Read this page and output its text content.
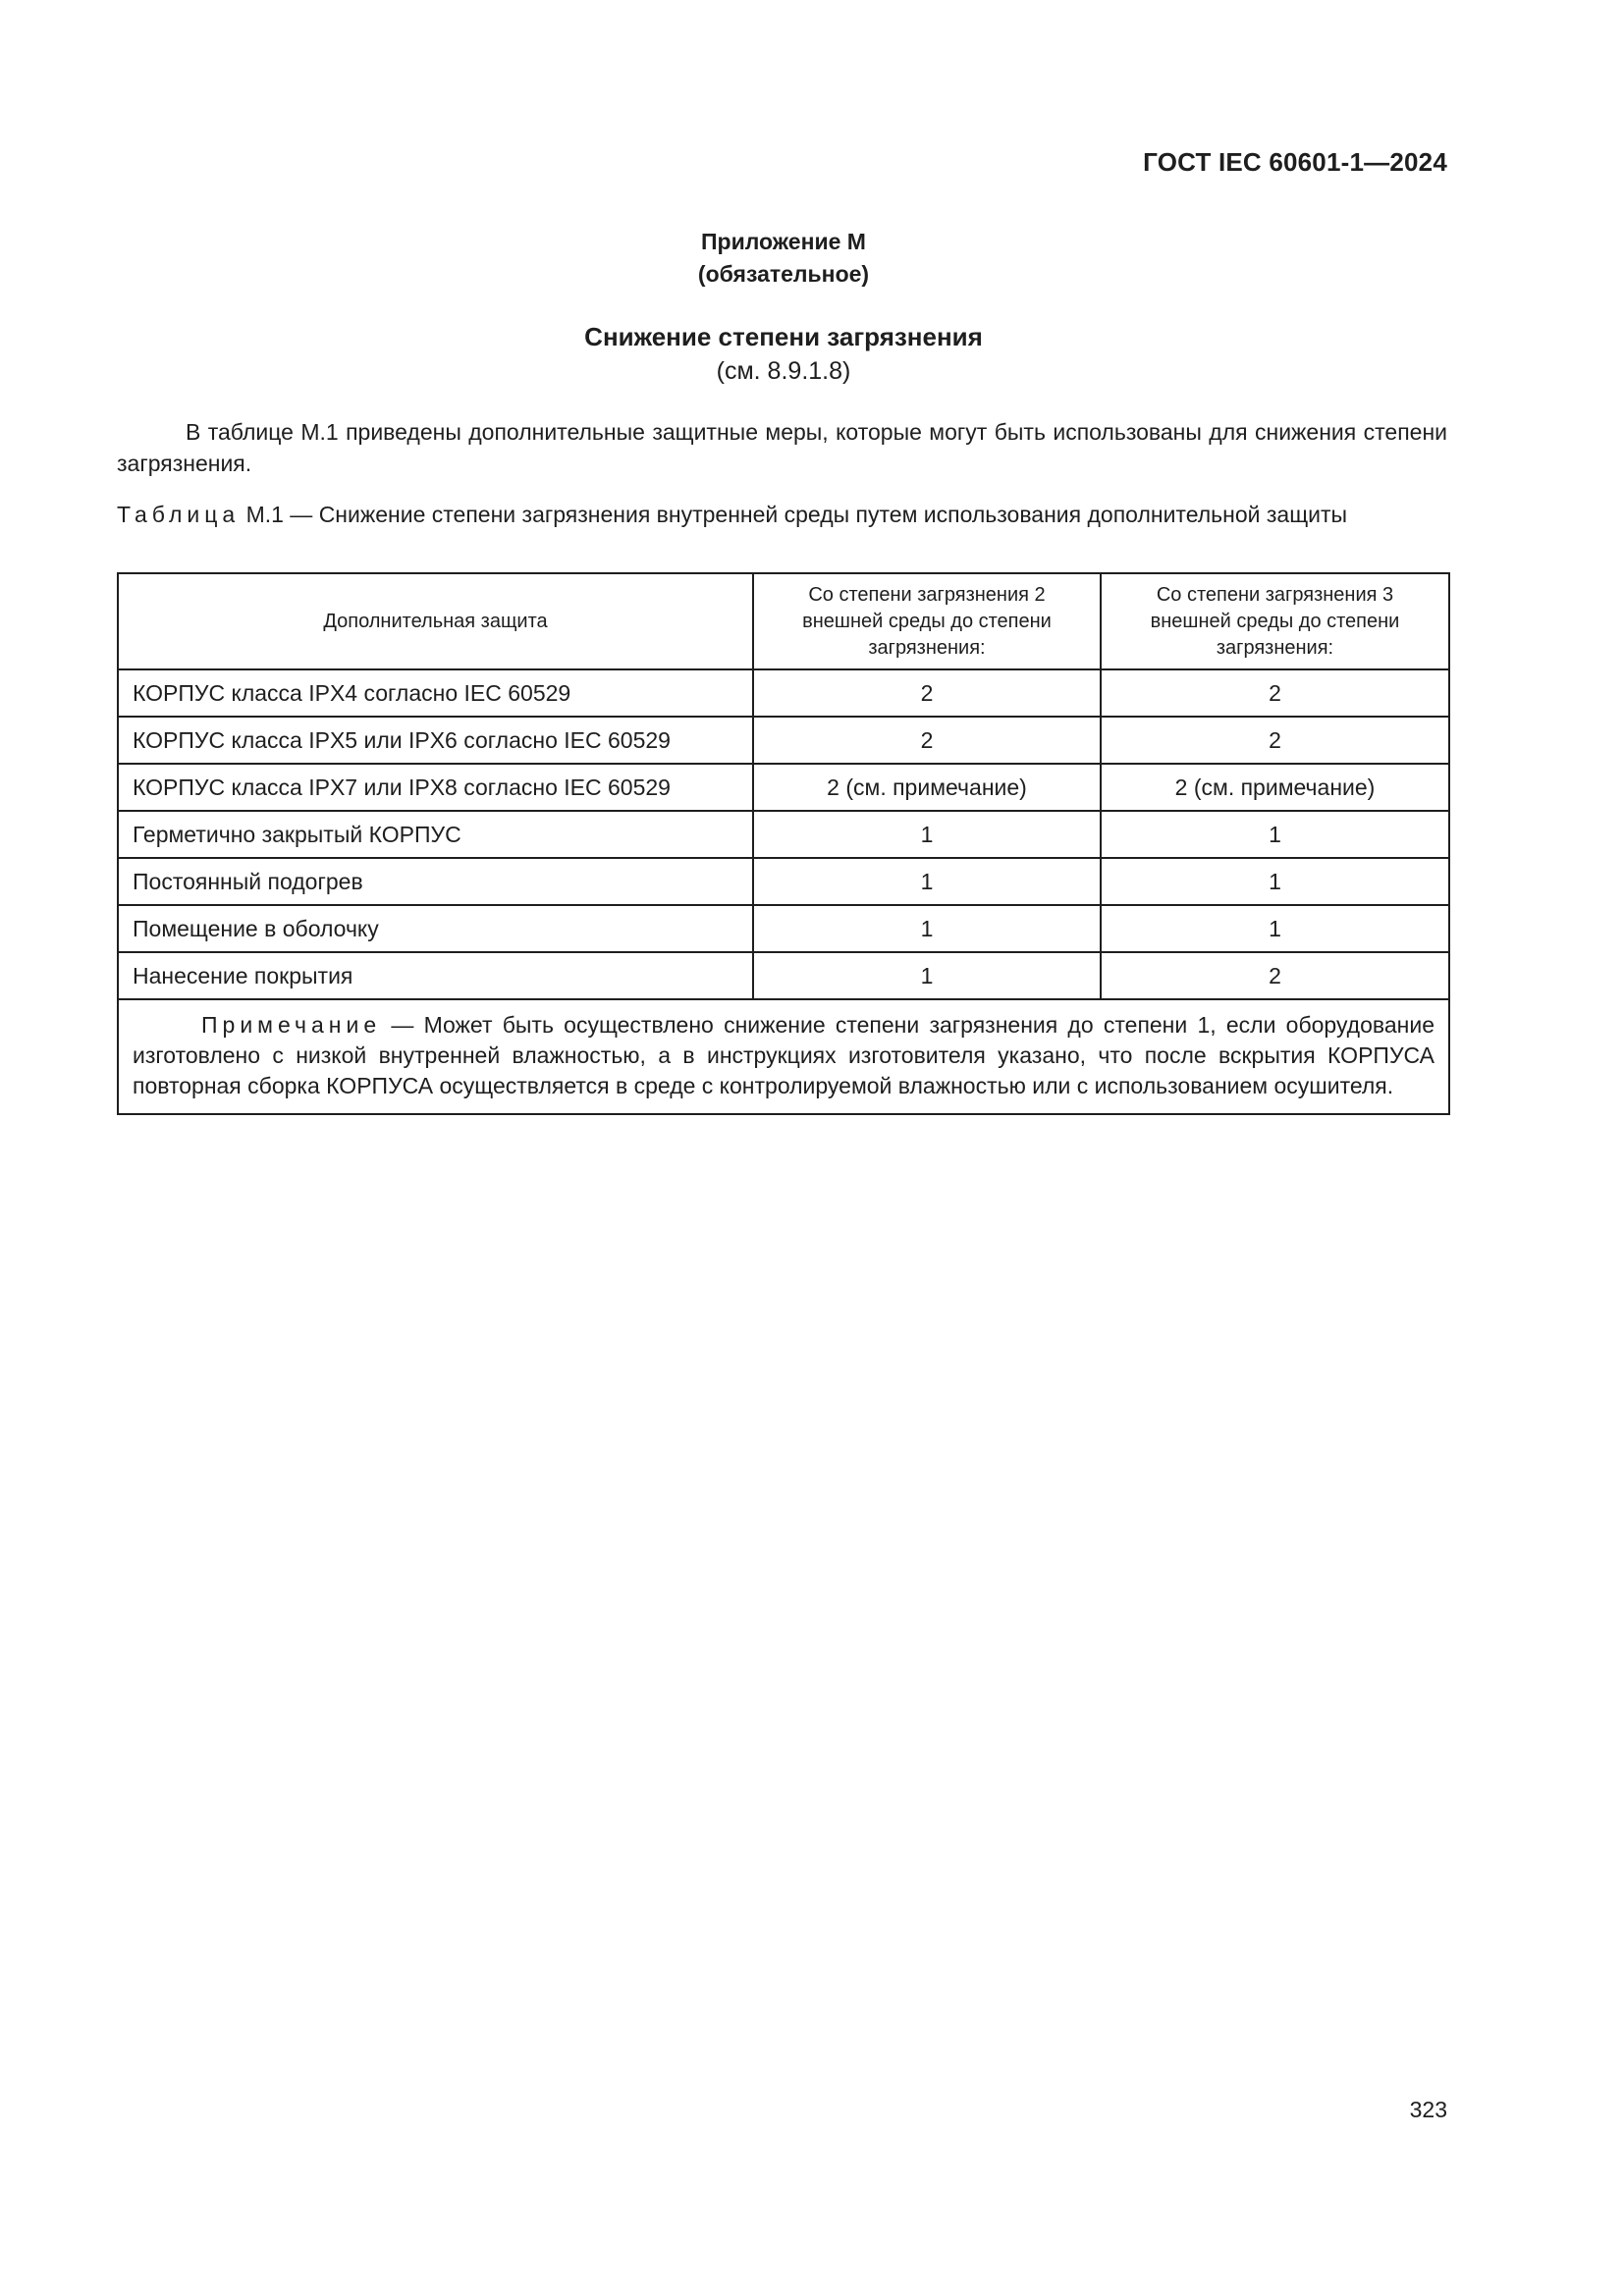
ГОСТ IEC 60601-1—2024
Приложение М
(обязательное)
Снижение степени загрязнения
(см. 8.9.1.8)

В таблице М.1 приведены дополнительные защитные меры, которые могут быть использованы для снижения степени загрязнения.

Таблица М.1 — Снижение степени загрязнения внутренней среды путем использования дополнительной защиты

Дополнительная защита	Со степени загрязнения 2 внешней среды до степени загрязнения:	Со степени загрязнения 3 внешней среды до степени загрязнения:
КОРПУС класса IPX4 согласно IEC 60529	2	2
КОРПУС класса IPX5 или IPX6 согласно IEC 60529	2	2
КОРПУС класса IPX7 или IPX8 согласно IEC 60529	2 (см. примечание)	2 (см. примечание)
Герметично закрытый КОРПУС	1	1
Постоянный подогрев	1	1
Помещение в оболочку	1	1
Нанесение покрытия	1	2
Примечание — Может быть осуществлено снижение степени загрязнения до степени 1, если оборудование изготовлено с низкой внутренней влажностью, а в инструкциях изготовителя указано, что после вскрытия КОРПУСА повторная сборка КОРПУСА осуществляется в среде с контролируемой влажностью или с использованием осушителя.		
323
